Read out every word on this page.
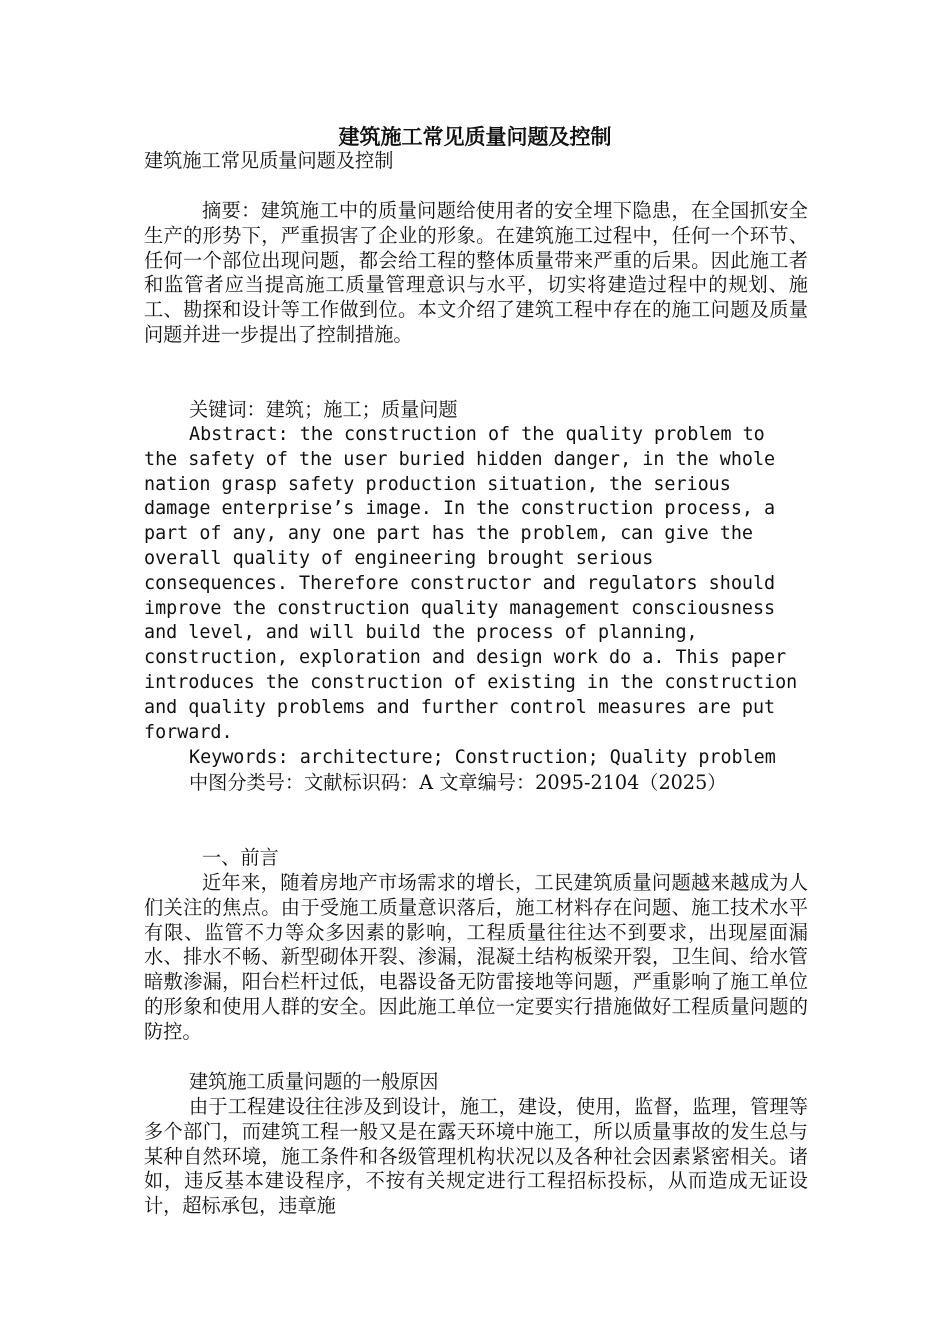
建筑施工常见质量问题及控制
建筑施工常见质量问题及控制
摘要：建筑施工中的质量问题给使用者的安全埋下隐患，在全国抓安全生产的形势下，严重损害了企业的形象。在建筑施工过程中，任何一个环节、任何一个部位出现问题，都会给工程的整体质量带来严重的后果。因此施工者和监管者应当提高施工质量管理意识与水平，切实将建造过程中的规划、施工、勘探和设计等工作做到位。本文介绍了建筑工程中存在的施工问题及质量问题并进一步提出了控制措施。
关键词：建筑；施工；质量问题
Abstract: the construction of the quality problem to
the safety of the user buried hidden danger, in the whole
nation grasp safety production situation, the serious
damage enterprise’s image. In the construction process, a
part of any, any one part has the problem, can give the
overall quality of engineering brought serious
consequences. Therefore constructor and regulators should
improve the construction quality management consciousness
and level, and will build the process of planning,
construction, exploration and design work do a. This paper
introduces the construction of existing in the construction
and quality problems and further control measures are put
forward.
Keywords: architecture; Construction; Quality problem
中图分类号：文献标识码：A 文章编号：2095-2104（2025）
一、前言
近年来，随着房地产市场需求的增长，工民建筑质量问题越来越成为人们关注的焦点。由于受施工质量意识落后，施工材料存在问题、施工技术水平有限、监管不力等众多因素的影响，工程质量往往达不到要求，出现屋面漏水、排水不畅、新型砌体开裂、渗漏，混凝土结构板梁开裂，卫生间、给水管暗敷渗漏，阳台栏杆过低，电器设备无防雷接地等问题，严重影响了施工单位的形象和使用人群的安全。因此施工单位一定要实行措施做好工程质量问题的防控。
建筑施工质量问题的一般原因
由于工程建设往往涉及到设计，施工，建设，使用，监督，监理，管理等多个部门，而建筑工程一般又是在露天环境中施工，所以质量事故的发生总与某种自然环境，施工条件和各级管理机构状况以及各种社会因素紧密相关。诸如，违反基本建设程序，不按有关规定进行工程招标投标，从而造成无证设计，超标承包，违章施
